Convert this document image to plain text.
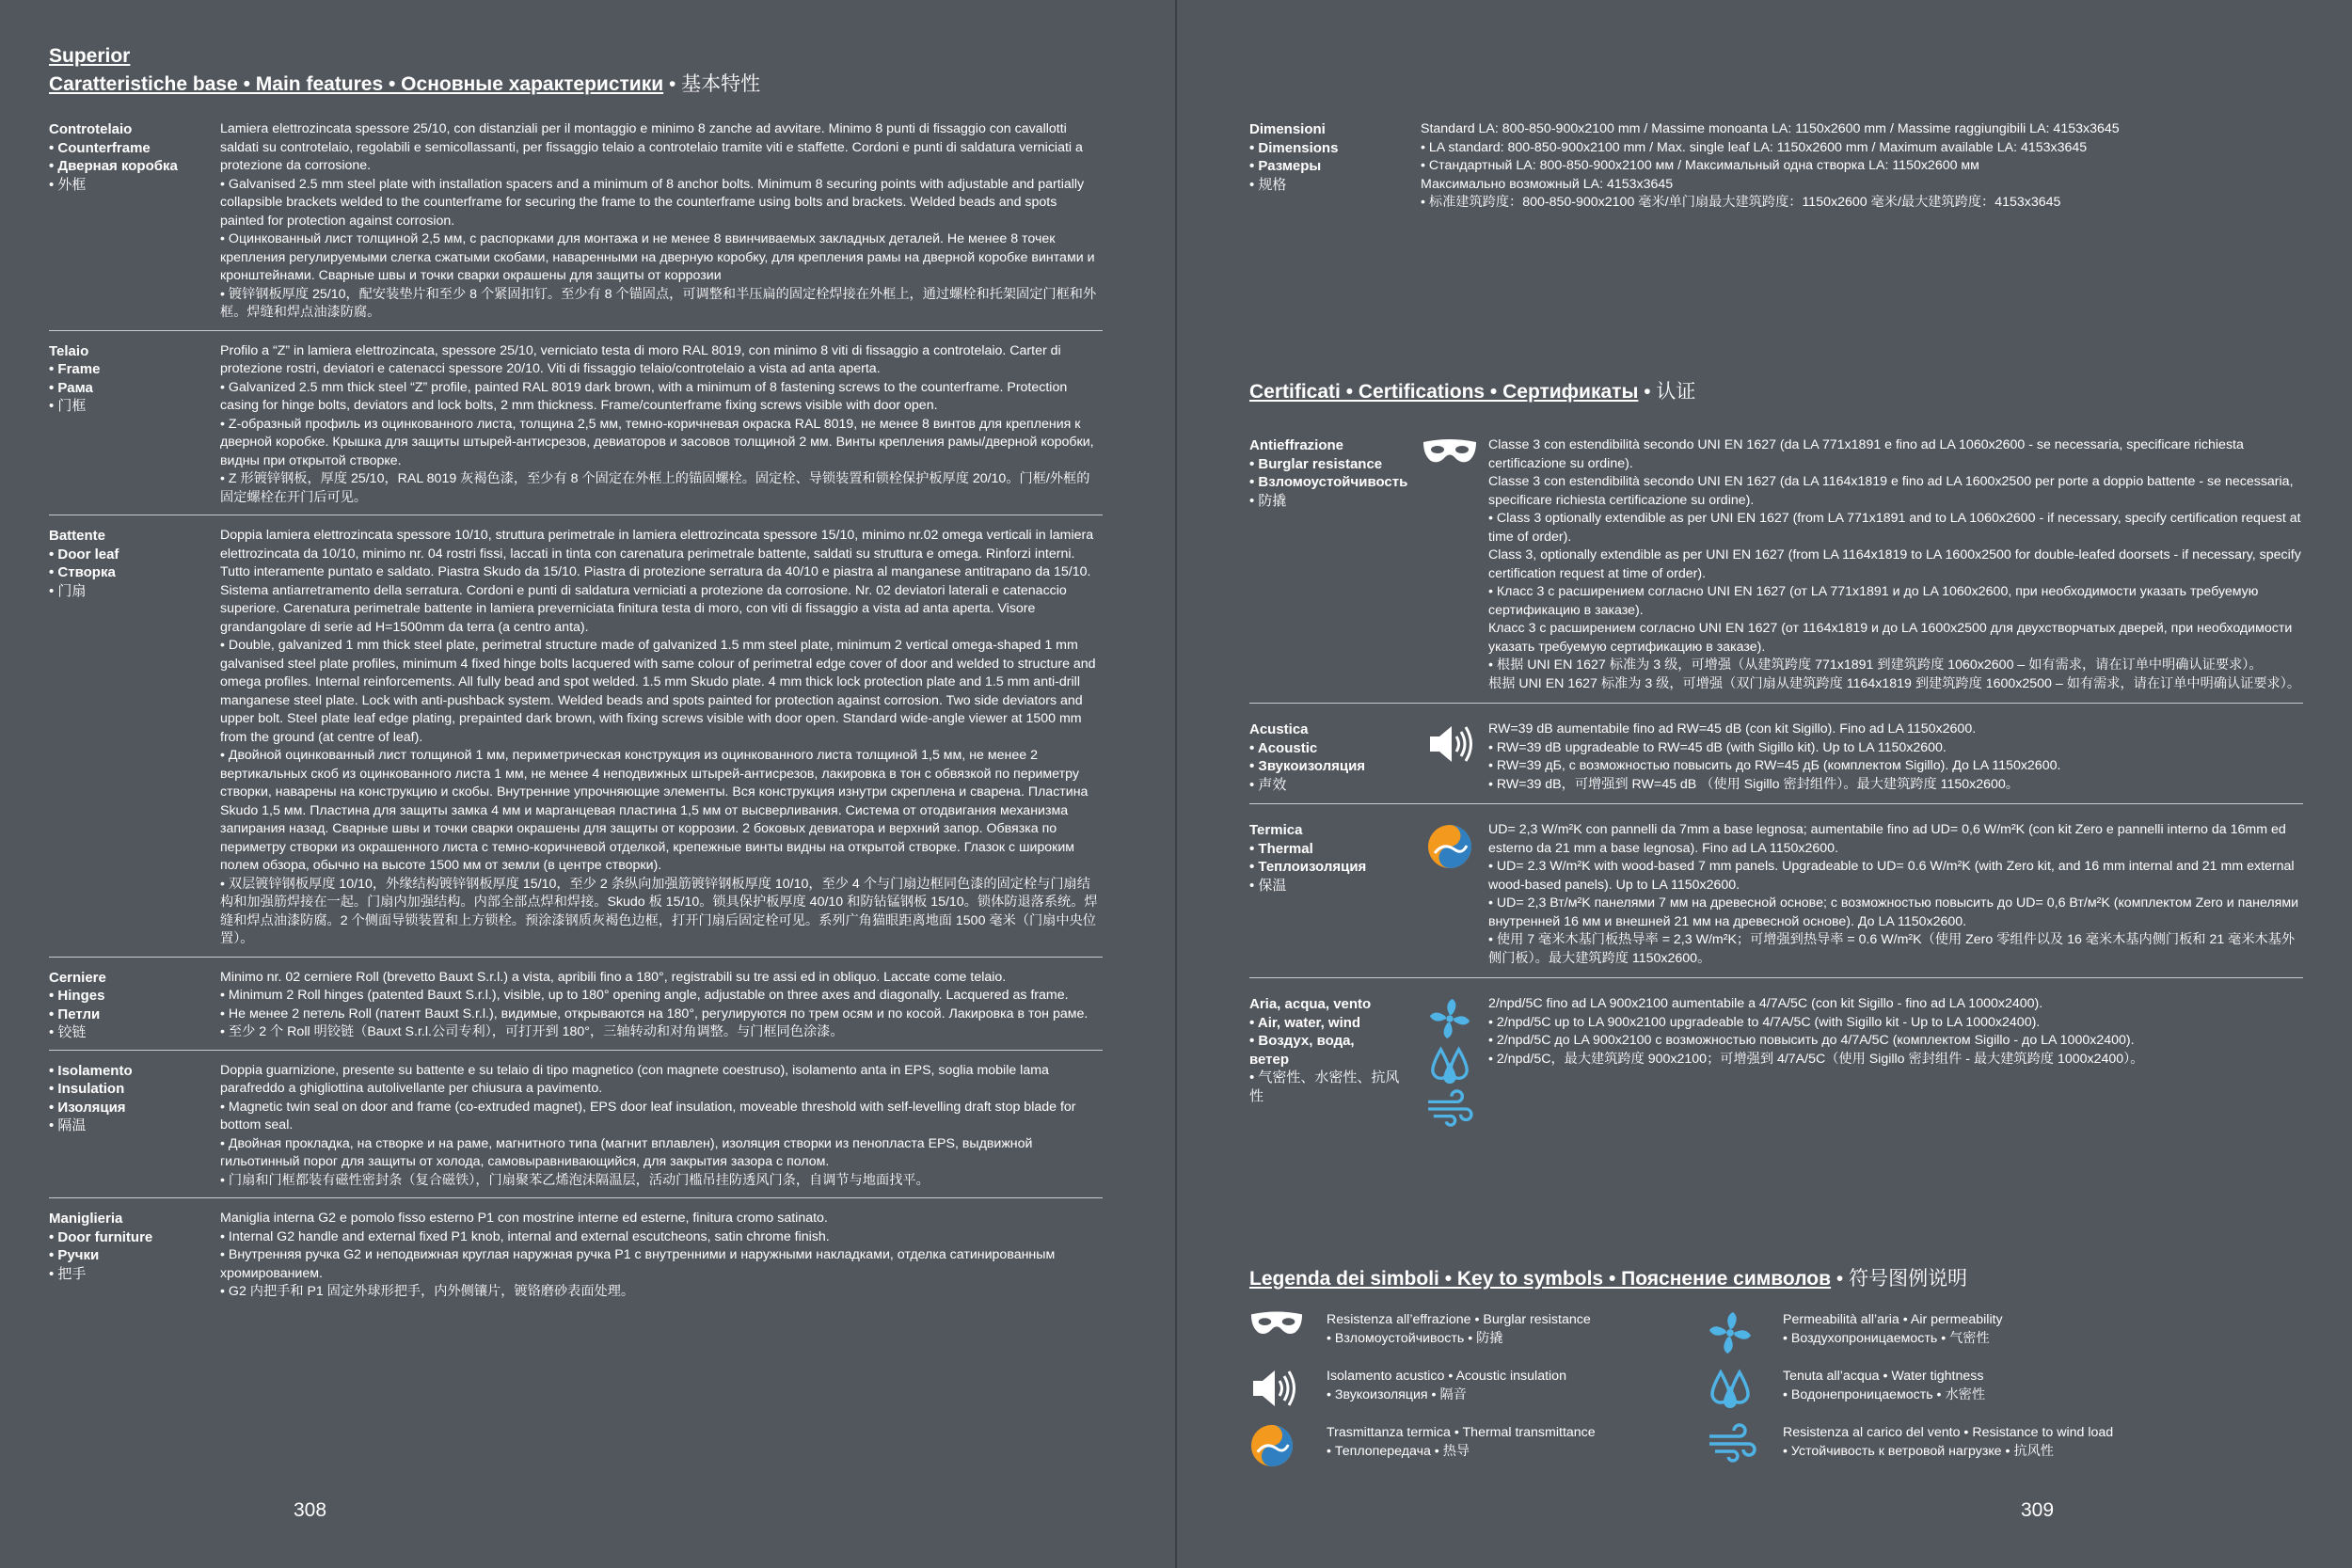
Superior
Caratteristiche base • Main features • Основные характеристики • 基本特性
Controtelaio
• Counterframe
• Дверная коробка
• 外框

Lamiera elettrozincata spessore 25/10, con distanziali per il montaggio e minimo 8 zanche ad avvitare. Minimo 8 punti di fissaggio con cavallotti saldati su controtelaio, regolabili e semicollassanti, per fissaggio telaio a controtelaio tramite viti e staffette. Cordoni e punti di saldatura verniciati a protezione da corrosione.

• Galvanised 2.5 mm steel plate with installation spacers and a minimum of 8 anchor bolts. Minimum 8 securing points with adjustable and partially collapsible brackets welded to the counterframe for securing the frame to the counterframe using bolts and brackets. Welded beads and spots painted for protection against corrosion.

• Оцинкованный лист толщиной 2,5 мм, с распорками для монтажа и не менее 8 ввинчиваемых закладных деталей. Не менее 8 точек крепления регулируемыми слегка сжатыми скобами, наваренными на дверную коробку, для крепления рамы на дверной коробке винтами и кронштейнами. Сварные швы и точки сварки окрашены для защиты от коррозии

• 镀锌钢板厚度 25/10，配安装垫片和至少 8 个紧固扣钉。至少有 8 个锚固点，可调整和半压扁的固定栓焊接在外框上，通过螺栓和托架固定门框和外框。焊缝和焊点油漆防腐。

Telaio
• Frame
• Рама
• 门框

Profilo a “Z” in lamiera elettrozincata, spessore 25/10, verniciato testa di moro RAL 8019, con minimo 8 viti di fissaggio a controtelaio. Carter di protezione rostri, deviatori e catenacci spessore 20/10. Viti di fissaggio telaio/controtelaio a vista ad anta aperta.

• Galvanized 2.5 mm thick steel “Z” profile, painted RAL 8019 dark brown, with a minimum of 8 fastening screws to the counterframe. Protection casing for hinge bolts, deviators and lock bolts, 2 mm thickness. Frame/counterframe fixing screws visible with door open.

• Z-образный профиль из оцинкованного листа, толщина 2,5 мм, темно-коричневая окраска RAL 8019, не менее 8 винтов для крепления к дверной коробке. Крышка для защиты штырей-антисрезов, девиаторов и засовов толщиной 2 мм. Винты крепления рамы/дверной коробки, видны при открытой створке.

• Z 形镀锌钢板，厚度 25/10，RAL 8019 灰褐色漆，至少有 8 个固定在外框上的锚固螺栓。固定栓、导锁装置和锁栓保护板厚度 20/10。门框/外框的固定螺栓在开门后可见。

Battente
• Door leaf
• Створка
• 门扇

Doppia lamiera elettrozincata spessore 10/10, struttura perimetrale in lamiera elettrozincata spessore 15/10, minimo nr.02 omega verticali in lamiera elettrozincata da 10/10, minimo nr. 04 rostri fissi, laccati in tinta con carenatura perimetrale battente, saldati su struttura e omega. Rinforzi interni. Tutto interamente puntato e saldato. Piastra Skudo da 15/10. Piastra di protezione serratura da 40/10 e piastra al manganese antitrapano da 15/10. Sistema antiarretramento della serratura. Cordoni e punti di saldatura verniciati a protezione da corrosione. Nr. 02 deviatori laterali e catenaccio superiore. Carenatura perimetrale battente in lamiera preverniciata finitura testa di moro, con viti di fissaggio a vista ad anta aperta. Visore grandangolare di serie ad H=1500mm da terra (a centro anta).

• Double, galvanized 1 mm thick steel plate, perimetral structure made of galvanized 1.5 mm steel plate, minimum 2 vertical omega-shaped 1 mm galvanised steel plate profiles, minimum 4 fixed hinge bolts lacquered with same colour of perimetral edge cover of door and welded to structure and omega profiles. Internal reinforcements. All fully bead and spot welded. 1.5 mm Skudo plate. 4 mm thick lock protection plate and 1.5 mm anti-drill manganese steel plate. Lock with anti-pushback system. Welded beads and spots painted for protection against corrosion. Two side deviators and upper bolt. Steel plate leaf edge plating, prepainted dark brown, with fixing screws visible with door open. Standard wide-angle viewer at 1500 mm from the ground (at centre of leaf).

• Двойной оцинкованный лист толщиной 1 мм, периметрическая конструкция из оцинкованного листа толщиной 1,5 мм, не менее 2 вертикальных скоб из оцинкованного листа 1 мм, не менее 4 неподвижных штырей-антисрезов, лакировка в тон с обвязкой по периметру створки, наварены на конструкцию и скобы. Внутренние упрочняющие элементы. Вся конструкция изнутри скреплена и сварена. Пластина Skudo 1,5 мм. Пластина для защиты замка 4 мм и марганцевая пластина 1,5 мм от высверливания. Система от отодвигания механизма запирания назад. Сварные швы и точки сварки окрашены для защиты от коррозии. 2 боковых девиатора и верхний запор. Обвязка по периметру створки из окрашенного листа с темно-коричневой отделкой, крепежные винты видны на открытой створке. Глазок с широким полем обзора, обычно на высоте 1500 мм от земли (в центре створки).

• 双层镀锌钢板厚度 10/10，外缘结构镀锌钢板厚度 15/10，至少 2 条纵向加强筋镀锌钢板厚度 10/10，至少 4 个与门扇边框同色漆的固定栓与门扇结构和加强筋焊接在一起。门扇内加强结构。内部全部点焊和焊接。Skudo 板 15/10。锁具保护板厚度 40/10 和防钻锰钢板 15/10。锁体防退落系统。焊缝和焊点油漆防腐。2 个侧面导锁装置和上方锁栓。预涂漆钢质灰褐色边框，打开门扇后固定栓可见。系列广角猫眼距离地面 1500 毫米（门扇中央位置）。

Cerniere
• Hinges
• Петли
• 铰链

Minimo nr. 02 cerniere Roll (brevetto Bauxt S.r.l.) a vista, apribili fino a 180°, registrabili su tre assi ed in obliquo. Laccate come telaio.

• Minimum 2 Roll hinges (patented Bauxt S.r.l.), visible, up to 180° opening angle, adjustable on three axes and diagonally. Lacquered as frame.

• Не менее 2 петель Roll (патент Bauxt S.r.l.), видимые, открываются на 180°, регулируются по трем осям и по косой. Лакировка в тон раме.

• 至少 2 个 Roll 明铰链（Bauxt S.r.l.公司专利），可打开到 180°，三轴转动和对角调整。与门框同色涂漆。

• Isolamento
• Insulation
• Изоляция
• 隔温

Doppia guarnizione, presente su battente e su telaio di tipo magnetico (con magnete coestruso), isolamento anta in EPS, soglia mobile lama parafreddo a ghigliottina autolivellante per chiusura a pavimento.

• Magnetic twin seal on door and frame (co-extruded magnet), EPS door leaf insulation, moveable threshold with self-levelling draft stop blade for bottom seal.

• Двойная прокладка, на створке и на раме, магнитного типа (магнит вплавлен), изоляция створки из пенопласта EPS, выдвижной гильотинный порог для защиты от холода, самовыравнивающийся, для закрытия зазора с полом.

• 门扇和门框都装有磁性密封条（复合磁铁），门扇聚苯乙烯泡沫隔温层，活动门槛吊挂防透风门条，自调节与地面找平。

Maniglieria
• Door furniture
• Ручки
• 把手

Maniglia interna G2 e pomolo fisso esterno P1 con mostrine interne ed esterne, finitura cromo satinato.

• Internal G2 handle and external fixed P1 knob, internal and external escutcheons, satin chrome finish.

• Внутренняя ручка G2 и неподвижная круглая наружная ручка P1 с внутренними и наружными накладками, отделка сатинированным хромированием.

• G2 内把手和 P1 固定外球形把手，内外侧镶片，镀铬磨砂表面处理。

308
Dimensioni
• Dimensions
• Размеры
• 规格

Standard LA: 800-850-900x2100 mm / Massime monoanta LA: 1150x2600 mm / Massime raggiungibili LA: 4153x3645

• LA standard: 800-850-900x2100 mm / Max. single leaf LA: 1150x2600 mm / Maximum available LA: 4153x3645

• Стандартный LA: 800-850-900x2100 мм / Максимальный одна створка LA: 1150x2600 мм

Максимально возможный LA: 4153x3645

• 标准建筑跨度：800-850-900x2100 毫米/单门扇最大建筑跨度：1150x2600 毫米/最大建筑跨度：4153x3645

Certificati • Certifications • Сертификаты • 认证
Antieffrazione
• Burglar resistance
• Взломоустойчивость
• 防撬

Classe 3 con estendibilità secondo UNI EN 1627 (da LA 771x1891 e fino ad LA 1060x2600 - se necessaria, specificare richiesta certificazione su ordine).

Classe 3 con estendibilità secondo UNI EN 1627 (da LA 1164x1819 e fino ad LA 1600x2500 per porte a doppio battente - se necessaria, specificare richiesta certificazione su ordine).

• Class 3 optionally extendible as per UNI EN 1627 (from LA 771x1891 and to LA 1060x2600 - if necessary, specify certification request at time of order).

Class 3, optionally extendible as per UNI EN 1627 (from LA 1164x1819 to LA 1600x2500 for double-leafed doorsets - if necessary, specify certification request at time of order).

• Класс 3 с расширением согласно UNI EN 1627 (от LA 771x1891 и до LA 1060x2600, при необходимости указать требуемую сертификацию в заказе).

Класс 3 с расширением согласно UNI EN 1627 (от 1164x1819 и до LA 1600x2500 для двухстворчатых дверей, при необходимости указать требуемую сертификацию в заказе).

• 根据 UNI EN 1627 标准为 3 级，可增强（从建筑跨度 771x1891 到建筑跨度 1060x2600 – 如有需求，请在订单中明确认证要求）。

根据 UNI EN 1627 标准为 3 级，可增强（双门扇从建筑跨度 1164x1819 到建筑跨度 1600x2500 – 如有需求，请在订单中明确认证要求）。

Acustica
• Acoustic
• Звукоизоляция
• 声效

RW=39 dB aumentabile fino ad RW=45 dB (con kit Sigillo). Fino ad LA 1150x2600.

• RW=39 dB upgradeable to RW=45 dB (with Sigillo kit). Up to LA 1150x2600.

• RW=39 дБ, с возможностью повысить до RW=45 дБ (комплектом Sigillo). До LA 1150x2600.

• RW=39 dB，可增强到 RW=45 dB （使用 Sigillo 密封组件）。最大建筑跨度 1150x2600。

Termica
• Thermal
• Теплоизоляция
• 保温

UD= 2,3 W/m²K con pannelli da 7mm a base legnosa; aumentabile fino ad UD= 0,6 W/m²K (con kit Zero e pannelli interno da 16mm ed esterno da 21 mm a base legnosa). Fino ad LA 1150x2600.

• UD= 2.3 W/m²K with wood-based 7 mm panels. Upgradeable to UD= 0.6 W/m²K (with Zero kit, and 16 mm internal and 21 mm external wood-based panels). Up to LA 1150x2600.

• UD= 2,3 Вт/м²K панелями 7 мм на древесной основе; с возможностью повысить до UD= 0,6 Вт/м²K (комплектом Zero и панелями внутренней 16 мм и внешней 21 мм на древесной основе). До LA 1150x2600.

• 使用 7 毫米木基门板热导率 = 2,3 W/m²K；可增强到热导率 = 0.6 W/m²K（使用 Zero 零组件以及 16 毫米木基内侧门板和 21 毫米木基外侧门板）。最大建筑跨度 1150x2600。

Aria, acqua, vento
• Air, water, wind
• Воздух, вода,
ветер
• 气密性、水密性、抗风性

2/npd/5C fino ad LA 900x2100 aumentabile a 4/7A/5C (con kit Sigillo - fino ad LA 1000x2400).

• 2/npd/5C up to LA 900x2100 upgradeable to 4/7A/5C (with Sigillo kit - Up to LA 1000x2400).

• 2/npd/5C до LA 900x2100 с возможностью повысить до 4/7A/5C (комплектом Sigillo - до LA 1000x2400).

• 2/npd/5C，最大建筑跨度 900x2100；可增强到 4/7A/5C（使用 Sigillo 密封组件 - 最大建筑跨度 1000x2400）。

Legenda dei simboli • Key to symbols • Пояснение символов • 符号图例说明
Resistenza all’effrazione • Burglar resistance
• Взломоустойчивость • 防撬
Permeabilità all’aria • Air permeability
• Воздухопроницаемость • 气密性
Isolamento acustico • Acoustic insulation
• Звукоизоляция • 隔音
Tenuta all’acqua • Water tightness
• Водонепроницаемость • 水密性
Trasmittanza termica • Thermal transmittance
• Теплопередача • 热导
Resistenza al carico del vento • Resistance to wind load
• Устойчивость к ветровой нагрузке • 抗风性
309
